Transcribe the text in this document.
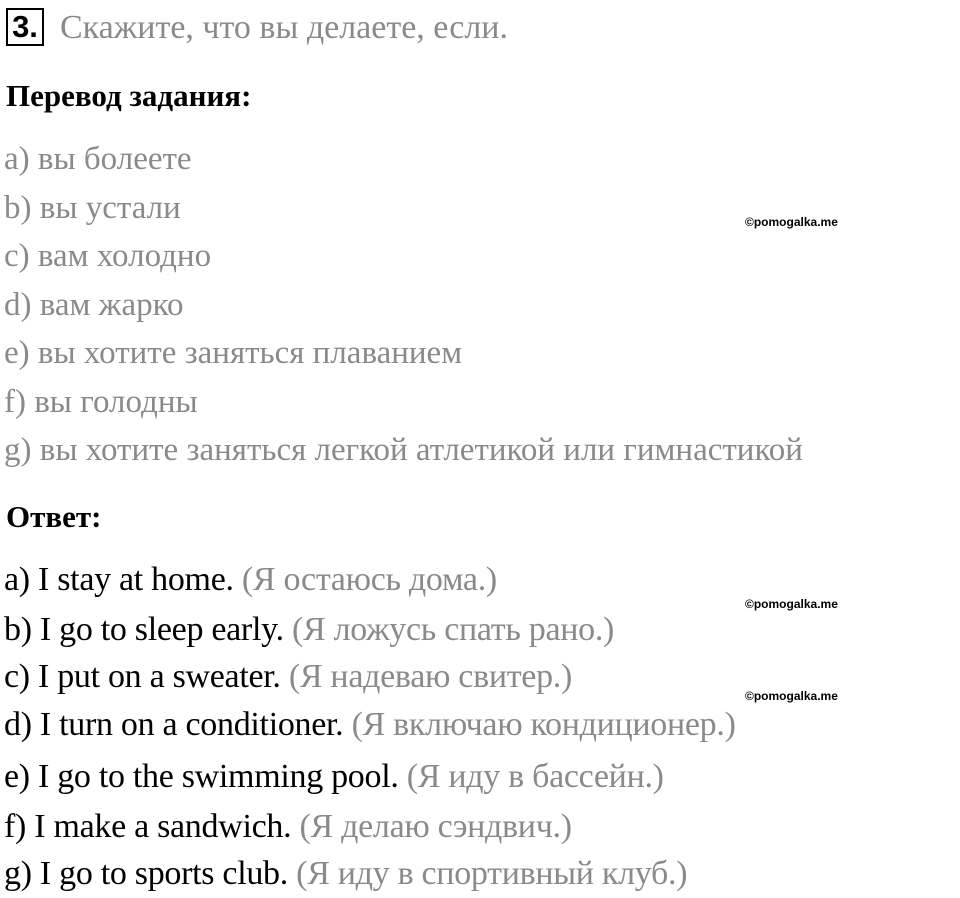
3. Скажите, что вы делаете, если.
Перевод задания:
a) вы болеете
b) вы устали
c) вам холодно
d) вам жарко
e) вы хотите заняться плаванием
f) вы голодны
g) вы хотите заняться легкой атлетикой или гимнастикой
Ответ:
a) I stay at home. (Я остаюсь дома.)
b) I go to sleep early. (Я ложусь спать рано.)
c) I put on a sweater. (Я надеваю свитер.)
d) I turn on a conditioner. (Я включаю кондиционер.)
e) I go to the swimming pool. (Я иду в бассейн.)
f) I make a sandwich. (Я делаю сэндвич.)
g) I go to sports club. (Я иду в спортивный клуб.)
©pomogalka.me
©pomogalka.me
©pomogalka.me
